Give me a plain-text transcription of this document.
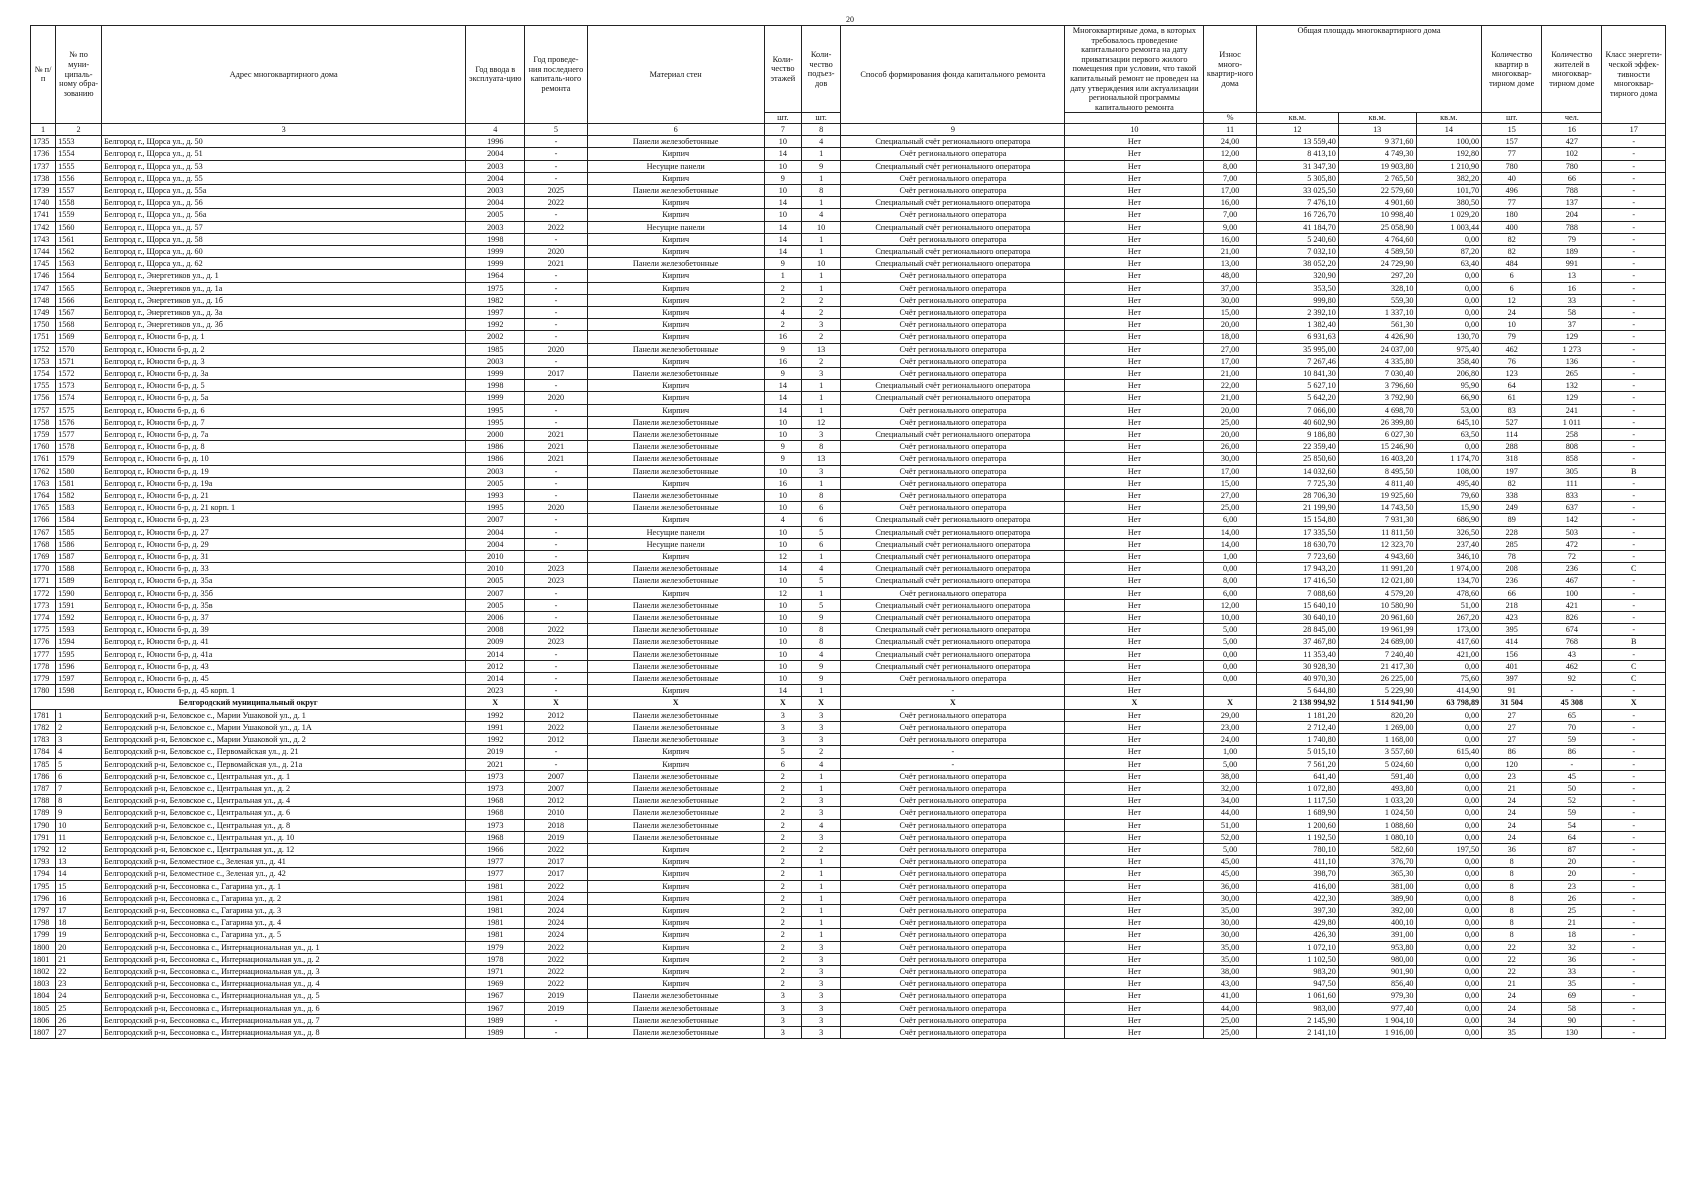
20
№ п/п	№ по муни-ципаль-ному обра-зованию	Адрес многоквартирного дома	Год ввода в эксплуата-цию	Год проведе-ния последнего капиталь-ного ремонта	Материал стен	Коли-чество этажей	Коли-чество подъез-дов	Способ формирования фонда капитального ремонта	Многоквартирные дома, в которых требовалось проведение капитального ремонта на дату приватизации первого жилого помещения при условии, что такой капитальный ремонт не проведен на дату утверждения или актуализации региональной программы капитального ремонта	Износ много-квартир-ного дома	Общая площадь многоквартирного дома			Количество квартир в многоквар-тирном доме	Количество жителей в многоквар-тирном доме	Класс энергети-ческой эффек-тивности многоквар-тирного дома
						шт.	шт.			%	кв.м.	кв.м.	кв.м.	шт.	чел.	
1	2	3	4	5	6	7	8	9	10	11	12	13	14	15	16	17
1735	1553	Белгород г., Щорса ул., д. 50	1996	-	Панели железобетонные	10	4	Специальный счёт регионального оператора	Нет	24,00	13 559,40	9 371,60	100,00	157	427	-
1736	1554	Белгород г., Щорса ул., д. 51	2004	-	Кирпич	14	1	Счёт регионального оператора	Нет	12,00	8 413,10	4 749,30	192,80	77	102	-
1737	1555	Белгород г., Щорса ул., д. 53	2003	-	Несущие панели	10	9	Специальный счёт регионального оператора	Нет	8,00	31 347,30	19 903,80	1 210,90	780	780	-
1738	1556	Белгород г., Щорса ул., д. 55	2004	-	Кирпич	9	1	Счёт регионального оператора	Нет	7,00	5 305,80	2 765,50	382,20	40	66	-
1739	1557	Белгород г., Щорса ул., д. 55а	2003	2025	Панели железобетонные	10	8	Счёт регионального оператора	Нет	17,00	33 025,50	22 579,60	101,70	496	788	-
1740	1558	Белгород г., Щорса ул., д. 56	2004	2022	Кирпич	14	1	Специальный счёт регионального оператора	Нет	16,00	7 476,10	4 901,60	380,50	77	137	-
1741	1559	Белгород г., Щорса ул., д. 56а	2005	-	Кирпич	10	4	Счёт регионального оператора	Нет	7,00	16 726,70	10 998,40	1 029,20	180	204	-
1742	1560	Белгород г., Щорса ул., д. 57	2003	2022	Несущие панели	14	10	Специальный счёт регионального оператора	Нет	9,00	41 184,70	25 058,90	1 003,44	400	788	-
1743	1561	Белгород г., Щорса ул., д. 58	1998	-	Кирпич	14	1	Счёт регионального оператора	Нет	16,00	5 240,60	4 764,60	0,00	82	79	-
1744	1562	Белгород г., Щорса ул., д. 60	1999	2020	Кирпич	14	1	Специальный счёт регионального оператора	Нет	21,00	7 032,10	4 589,50	87,20	82	189	-
1745	1563	Белгород г., Щорса ул., д. 62	1999	2021	Панели железобетонные	9	10	Специальный счёт регионального оператора	Нет	13,00	38 052,20	24 729,90	63,40	484	991	-
1746	1564	Белгород г., Энергетиков ул., д. 1	1964	-	Кирпич	1	1	Счёт регионального оператора	Нет	48,00	320,90	297,20	0,00	6	13	-
1747	1565	Белгород г., Энергетиков ул., д. 1а	1975	-	Кирпич	2	1	Счёт регионального оператора	Нет	37,00	353,50	328,10	0,00	6	16	-
1748	1566	Белгород г., Энергетиков ул., д. 1б	1982	-	Кирпич	2	2	Счёт регионального оператора	Нет	30,00	999,80	559,30	0,00	12	33	-
1749	1567	Белгород г., Энергетиков ул., д. 3а	1997	-	Кирпич	4	2	Счёт регионального оператора	Нет	15,00	2 392,10	1 337,10	0,00	24	58	-
1750	1568	Белгород г., Энергетиков ул., д. 3б	1992	-	Кирпич	2	3	Счёт регионального оператора	Нет	20,00	1 382,40	561,30	0,00	10	37	-
1751	1569	Белгород г., Юности б-р, д. 1	2002	-	Кирпич	16	2	Счёт регионального оператора	Нет	18,00	6 931,63	4 426,90	130,70	79	129	-
1752	1570	Белгород г., Юности б-р, д. 2	1985	2020	Панели железобетонные	9	13	Счёт регионального оператора	Нет	27,00	35 995,00	24 037,00	975,40	462	1 273	-
1753	1571	Белгород г., Юности б-р, д. 3	2003	-	Кирпич	16	2	Счёт регионального оператора	Нет	17,00	7 267,46	4 335,80	358,40	76	136	-
1754	1572	Белгород г., Юности б-р, д. 3а	1999	2017	Панели железобетонные	9	3	Счёт регионального оператора	Нет	21,00	10 841,30	7 030,40	206,80	123	265	-
1755	1573	Белгород г., Юности б-р, д. 5	1998	-	Кирпич	14	1	Специальный счёт регионального оператора	Нет	22,00	5 627,10	3 796,60	95,90	64	132	-
1756	1574	Белгород г., Юности б-р, д. 5а	1999	2020	Кирпич	14	1	Специальный счёт регионального оператора	Нет	21,00	5 642,20	3 792,90	66,90	61	129	-
1757	1575	Белгород г., Юности б-р, д. 6	1995	-	Кирпич	14	1	Счёт регионального оператора	Нет	20,00	7 066,00	4 698,70	53,00	83	241	-
1758	1576	Белгород г., Юности б-р, д. 7	1995	-	Панели железобетонные	10	12	Счёт регионального оператора	Нет	25,00	40 602,90	26 399,80	645,10	527	1 011	-
1759	1577	Белгород г., Юности б-р, д. 7а	2000	2021	Панели железобетонные	10	3	Специальный счёт регионального оператора	Нет	20,00	9 186,80	6 027,30	63,50	114	258	-
1760	1578	Белгород г., Юности б-р, д. 8	1986	2021	Панели железобетонные	9	8	Счёт регионального оператора	Нет	26,00	22 359,40	15 246,90	0,00	288	808	-
1761	1579	Белгород г., Юности б-р, д. 10	1986	2021	Панели железобетонные	9	13	Счёт регионального оператора	Нет	30,00	25 850,60	16 403,20	1 174,70	318	858	-
1762	1580	Белгород г., Юности б-р, д. 19	2003	-	Панели железобетонные	10	3	Счёт регионального оператора	Нет	17,00	14 032,60	8 495,50	108,00	197	305	В
1763	1581	Белгород г., Юности б-р, д. 19а	2005	-	Кирпич	16	1	Счёт регионального оператора	Нет	15,00	7 725,30	4 811,40	495,40	82	111	-
1764	1582	Белгород г., Юности б-р, д. 21	1993	-	Панели железобетонные	10	8	Счёт регионального оператора	Нет	27,00	28 706,30	19 925,60	79,60	338	833	-
1765	1583	Белгород г., Юности б-р, д. 21 корп. 1	1995	2020	Панели железобетонные	10	6	Счёт регионального оператора	Нет	25,00	21 199,90	14 743,50	15,90	249	637	-
1766	1584	Белгород г., Юности б-р, д. 23	2007	-	Кирпич	4	6	Специальный счёт регионального оператора	Нет	6,00	15 154,80	7 931,30	686,90	89	142	-
1767	1585	Белгород г., Юности б-р, д. 27	2004	-	Несущие панели	10	5	Специальный счёт регионального оператора	Нет	14,00	17 335,50	11 811,50	326,50	228	503	-
1768	1586	Белгород г., Юности б-р, д. 29	2004	-	Несущие панели	10	6	Специальный счёт регионального оператора	Нет	14,00	18 630,70	12 323,70	237,40	285	472	-
1769	1587	Белгород г., Юности б-р, д. 31	2010	-	Кирпич	12	1	Специальный счёт регионального оператора	Нет	1,00	7 723,60	4 943,60	346,10	78	72	-
1770	1588	Белгород г., Юности б-р, д. 33	2010	2023	Панели железобетонные	14	4	Специальный счёт регионального оператора	Нет	0,00	17 943,20	11 991,20	1 974,00	208	236	С
1771	1589	Белгород г., Юности б-р, д. 35а	2005	2023	Панели железобетонные	10	5	Специальный счёт регионального оператора	Нет	8,00	17 416,50	12 021,80	134,70	236	467	-
1772	1590	Белгород г., Юности б-р, д. 35б	2007	-	Кирпич	12	1	Счёт регионального оператора	Нет	6,00	7 088,60	4 579,20	478,60	66	100	-
1773	1591	Белгород г., Юности б-р, д. 35в	2005	-	Панели железобетонные	10	5	Специальный счёт регионального оператора	Нет	12,00	15 640,10	10 580,90	51,00	218	421	-
1774	1592	Белгород г., Юности б-р, д. 37	2006	-	Панели железобетонные	10	9	Специальный счёт регионального оператора	Нет	10,00	30 640,10	20 961,60	267,20	423	826	-
1775	1593	Белгород г., Юности б-р, д. 39	2008	2022	Панели железобетонные	10	8	Специальный счёт регионального оператора	Нет	5,00	28 845,00	19 961,99	173,00	395	674	-
1776	1594	Белгород г., Юности б-р, д. 41	2009	2023	Панели железобетонные	10	8	Специальный счёт регионального оператора	Нет	5,00	37 467,80	24 689,00	417,60	414	768	В
1777	1595	Белгород г., Юности б-р, д. 41а	2014	-	Панели железобетонные	10	4	Специальный счёт регионального оператора	Нет	0,00	11 353,40	7 240,40	421,00	156	43	-
1778	1596	Белгород г., Юности б-р, д. 43	2012	-	Панели железобетонные	10	9	Специальный счёт регионального оператора	Нет	0,00	30 928,30	21 417,30	0,00	401	462	С
1779	1597	Белгород г., Юности б-р, д. 45	2014	-	Панели железобетонные	10	9	Счёт регионального оператора	Нет	0,00	40 970,30	26 225,00	75,60	397	92	С
1780	1598	Белгород г., Юности б-р, д. 45 корп. 1	2023	-	Кирпич	14	1	-	Нет		5 644,80	5 229,90	414,90	91	-	-
Белгородский муниципальный округ			Х	Х	Х	Х	Х	Х	Х	Х	2 138 994,92	1 514 941,90	63 798,89	31 504	45 308	Х
1781	1	Белгородский р-н, Беловское с., Марии Ушаковой ул., д. 1	1992	2012	Панели железобетонные	3	3	Счёт регионального оператора	Нет	29,00	1 181,20	820,20	0,00	27	65	-
1782	2	Белгородский р-н, Беловское с., Марии Ушаковой ул., д. 1А	1991	2022	Панели железобетонные	3	3	Счёт регионального оператора	Нет	23,00	2 712,40	1 269,00	0,00	27	70	-
1783	3	Белгородский р-н, Беловское с., Марии Ушаковой ул., д. 2	1992	2012	Панели железобетонные	3	3	Счёт регионального оператора	Нет	24,00	1 740,80	1 168,00	0,00	27	59	-
1784	4	Белгородский р-н, Беловское с., Первомайская ул., д. 21	2019	-	Кирпич	5	2	-	Нет	1,00	5 015,10	3 557,60	615,40	86	86	-
1785	5	Белгородский р-н, Беловское с., Первомайская ул., д. 21а	2021	-	Кирпич	6	4	-	Нет	5,00	7 561,20	5 024,60	0,00	120	-	-
1786	6	Белгородский р-н, Беловское с., Центральная ул., д. 1	1973	2007	Панели железобетонные	2	1	Счёт регионального оператора	Нет	38,00	641,40	591,40	0,00	23	45	-
1787	7	Белгородский р-н, Беловское с., Центральная ул., д. 2	1973	2007	Панели железобетонные	2	1	Счёт регионального оператора	Нет	32,00	1 072,80	493,80	0,00	21	50	-
1788	8	Белгородский р-н, Беловское с., Центральная ул., д. 4	1968	2012	Панели железобетонные	2	3	Счёт регионального оператора	Нет	34,00	1 117,50	1 033,20	0,00	24	52	-
1789	9	Белгородский р-н, Беловское с., Центральная ул., д. 6	1968	2010	Панели железобетонные	2	3	Счёт регионального оператора	Нет	44,00	1 689,90	1 024,50	0,00	24	59	-
1790	10	Белгородский р-н, Беловское с., Центральная ул., д. 8	1973	2018	Панели железобетонные	2	4	Счёт регионального оператора	Нет	51,00	1 200,60	1 088,60	0,00	24	54	-
1791	11	Белгородский р-н, Беловское с., Центральная ул., д. 10	1968	2019	Панели железобетонные	2	3	Счёт регионального оператора	Нет	52,00	1 192,50	1 080,10	0,00	24	64	-
1792	12	Белгородский р-н, Беловское с., Центральная ул., д. 12	1966	2022	Кирпич	2	2	Счёт регионального оператора	Нет	5,00	780,10	582,60	197,50	36	87	-
1793	13	Белгородский р-н, Беломестное с., Зеленая ул., д. 41	1977	2017	Кирпич	2	1	Счёт регионального оператора	Нет	45,00	411,10	376,70	0,00	8	20	-
1794	14	Белгородский р-н, Беломестное с., Зеленая ул., д. 42	1977	2017	Кирпич	2	1	Счёт регионального оператора	Нет	45,00	398,70	365,30	0,00	8	20	-
1795	15	Белгородский р-н, Бессоновка с., Гагарина ул., д. 1	1981	2022	Кирпич	2	1	Счёт регионального оператора	Нет	36,00	416,00	381,00	0,00	8	23	-
1796	16	Белгородский р-н, Бессоновка с., Гагарина ул., д. 2	1981	2024	Кирпич	2	1	Счёт регионального оператора	Нет	30,00	422,30	389,90	0,00	8	26	-
1797	17	Белгородский р-н, Бессоновка с., Гагарина ул., д. 3	1981	2024	Кирпич	2	1	Счёт регионального оператора	Нет	35,00	397,30	392,00	0,00	8	25	-
1798	18	Белгородский р-н, Бессоновка с., Гагарина ул., д. 4	1981	2024	Кирпич	2	1	Счёт регионального оператора	Нет	30,00	429,80	400,10	0,00	8	21	-
1799	19	Белгородский р-н, Бессоновка с., Гагарина ул., д. 5	1981	2024	Кирпич	2	1	Счёт регионального оператора	Нет	30,00	426,30	391,00	0,00	8	18	-
1800	20	Белгородский р-н, Бессоновка с., Интернациональная ул., д. 1	1979	2022	Кирпич	2	3	Счёт регионального оператора	Нет	35,00	1 072,10	953,80	0,00	22	32	-
1801	21	Белгородский р-н, Бессоновка с., Интернациональная ул., д. 2	1978	2022	Кирпич	2	3	Счёт регионального оператора	Нет	35,00	1 102,50	980,00	0,00	22	36	-
1802	22	Белгородский р-н, Бессоновка с., Интернациональная ул., д. 3	1971	2022	Кирпич	2	3	Счёт регионального оператора	Нет	38,00	983,20	901,90	0,00	22	33	-
1803	23	Белгородский р-н, Бессоновка с., Интернациональная ул., д. 4	1969	2022	Кирпич	2	3	Счёт регионального оператора	Нет	43,00	947,50	856,40	0,00	21	35	-
1804	24	Белгородский р-н, Бессоновка с., Интернациональная ул., д. 5	1967	2019	Панели железобетонные	3	3	Счёт регионального оператора	Нет	41,00	1 061,60	979,30	0,00	24	69	-
1805	25	Белгородский р-н, Бессоновка с., Интернациональная ул., д. 6	1967	2019	Панели железобетонные	3	3	Счёт регионального оператора	Нет	44,00	983,00	977,40	0,00	24	58	-
1806	26	Белгородский р-н, Бессоновка с., Интернациональная ул., д. 7	1989	-	Панели железобетонные	3	3	Счёт регионального оператора	Нет	25,00	2 145,90	1 904,10	0,00	34	90	-
1807	27	Белгородский р-н, Бессоновка с., Интернациональная ул., д. 8	1989	-	Панели железобетонные	3	3	Счёт регионального оператора	Нет	25,00	2 141,10	1 916,00	0,00	35	130	-
